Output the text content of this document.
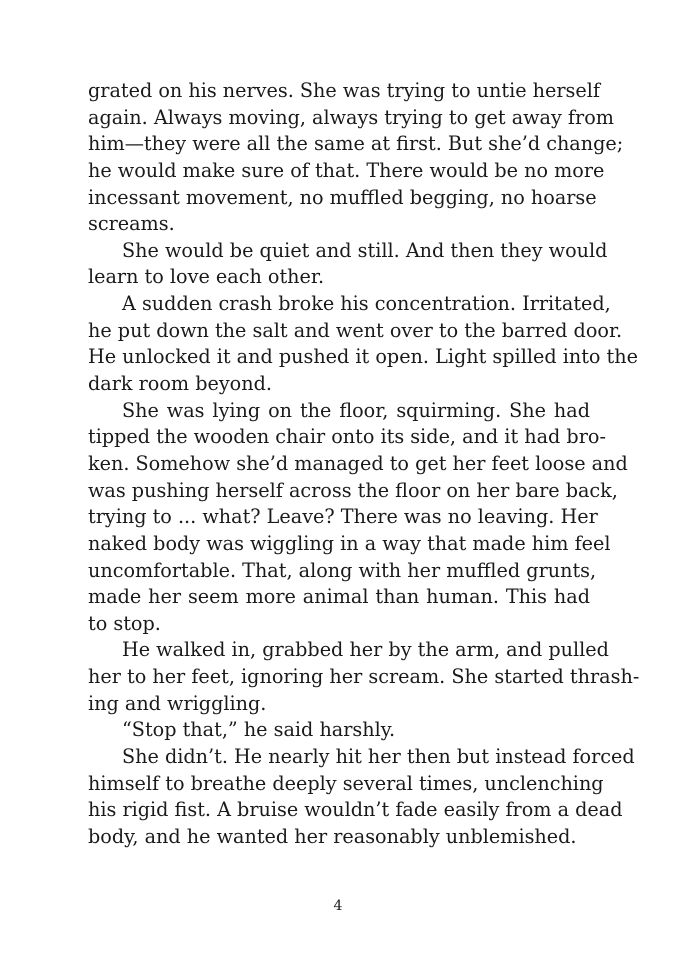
grated on his nerves. She was trying to untie herself
again. Always moving, always trying to get away from
him—they were all the same at first. But she’d change;
he would make sure of that. There would be no more
incessant movement, no muffled begging, no hoarse
screams.
She would be quiet and still. And then they would
learn to love each other.
A sudden crash broke his concentration. Irritated,
he put down the salt and went over to the barred door.
He unlocked it and pushed it open. Light spilled into the
dark room beyond.
She was lying on the floor, squirming. She had
tipped the wooden chair onto its side, and it had bro-
ken. Somehow she’d managed to get her feet loose and
was pushing herself across the floor on her bare back,
trying to ... what? Leave? There was no leaving. Her
naked body was wiggling in a way that made him feel
uncomfortable. That, along with her muffled grunts,
made her seem more animal than human. This had
to stop.
He walked in, grabbed her by the arm, and pulled
her to her feet, ignoring her scream. She started thrash-
ing and wriggling.
“Stop that,” he said harshly.
She didn’t. He nearly hit her then but instead forced
himself to breathe deeply several times, unclenching
his rigid fist. A bruise wouldn’t fade easily from a dead
body, and he wanted her reasonably unblemished.
4
